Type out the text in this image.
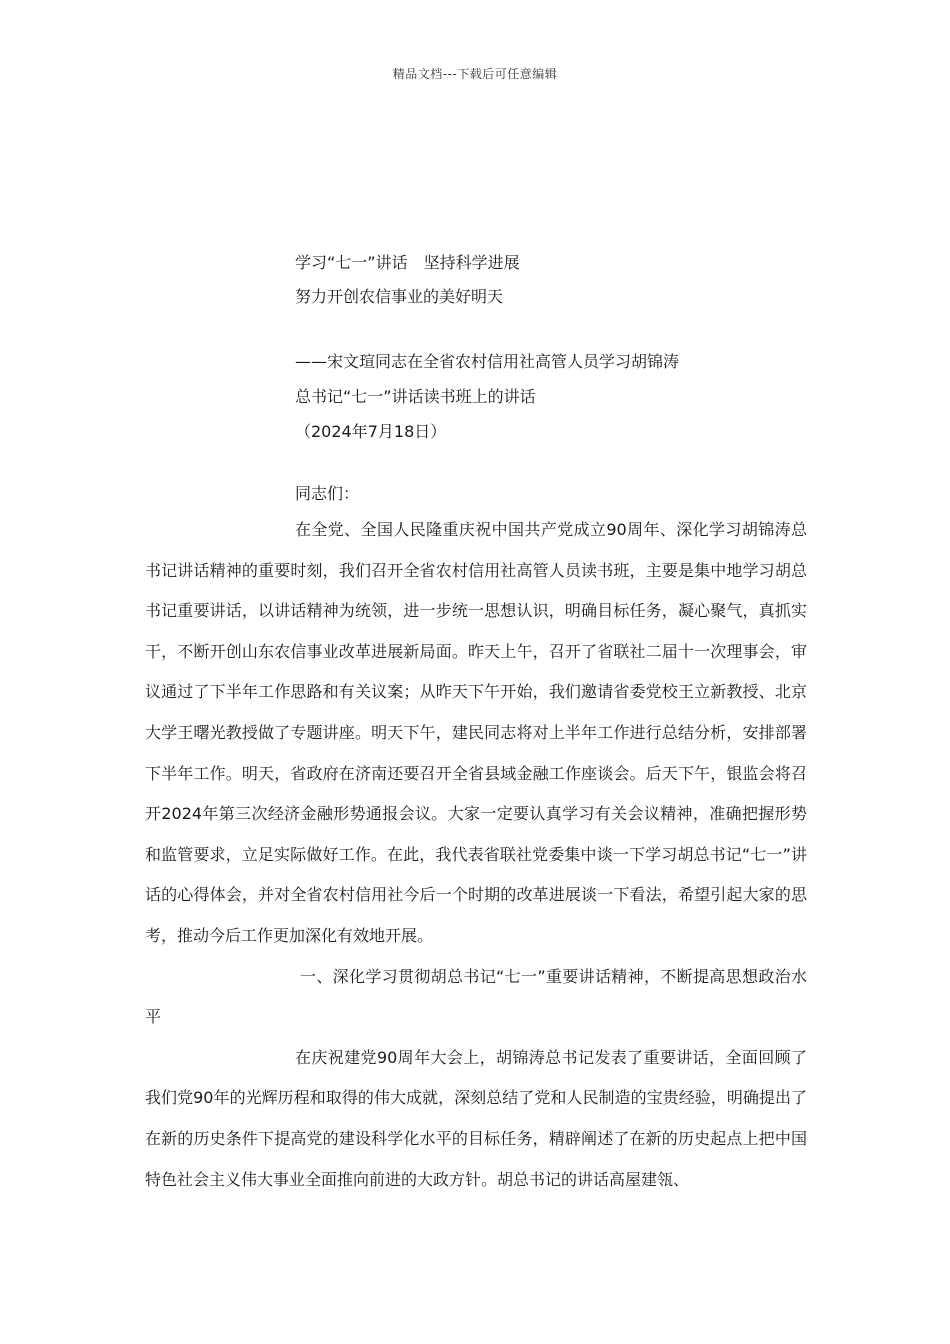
精品文档---下载后可任意编辑
学习“七一”讲话　坚持科学进展
努力开创农信事业的美好明天
——宋文瑄同志在全省农村信用社高管人员学习胡锦涛
总书记“七一”讲话读书班上的讲话
（2024年7月18日）
同志们：

在全党、全国人民隆重庆祝中国共产党成立90周年、深化学习胡锦涛总书记讲话精神的重要时刻，我们召开全省农村信用社高管人员读书班，主要是集中地学习胡总书记重要讲话，以讲话精神为统领，进一步统一思想认识，明确目标任务，凝心聚气，真抓实干，不断开创山东农信事业改革进展新局面。昨天上午，召开了省联社二届十一次理事会，审议通过了下半年工作思路和有关议案；从昨天下午开始，我们邀请省委党校王立新教授、北京大学王曙光教授做了专题讲座。明天下午，建民同志将对上半年工作进行总结分析，安排部署下半年工作。明天，省政府在济南还要召开全省县域金融工作座谈会。后天下午，银监会将召开2024年第三次经济金融形势通报会议。大家一定要认真学习有关会议精神，准确把握形势和监管要求，立足实际做好工作。在此，我代表省联社党委集中谈一下学习胡总书记“七一”讲话的心得体会，并对全省农村信用社今后一个时期的改革进展谈一下看法，希望引起大家的思考，推动今后工作更加深化有效地开展。

一、深化学习贯彻胡总书记“七一”重要讲话精神，不断提高思想政治水平

在庆祝建党90周年大会上，胡锦涛总书记发表了重要讲话，全面回顾了我们党90年的光辉历程和取得的伟大成就，深刻总结了党和人民制造的宝贵经验，明确提出了在新的历史条件下提高党的建设科学化水平的目标任务，精辟阐述了在新的历史起点上把中国特色社会主义伟大事业全面推向前进的大政方针。胡总书记的讲话高屋建瓴、
